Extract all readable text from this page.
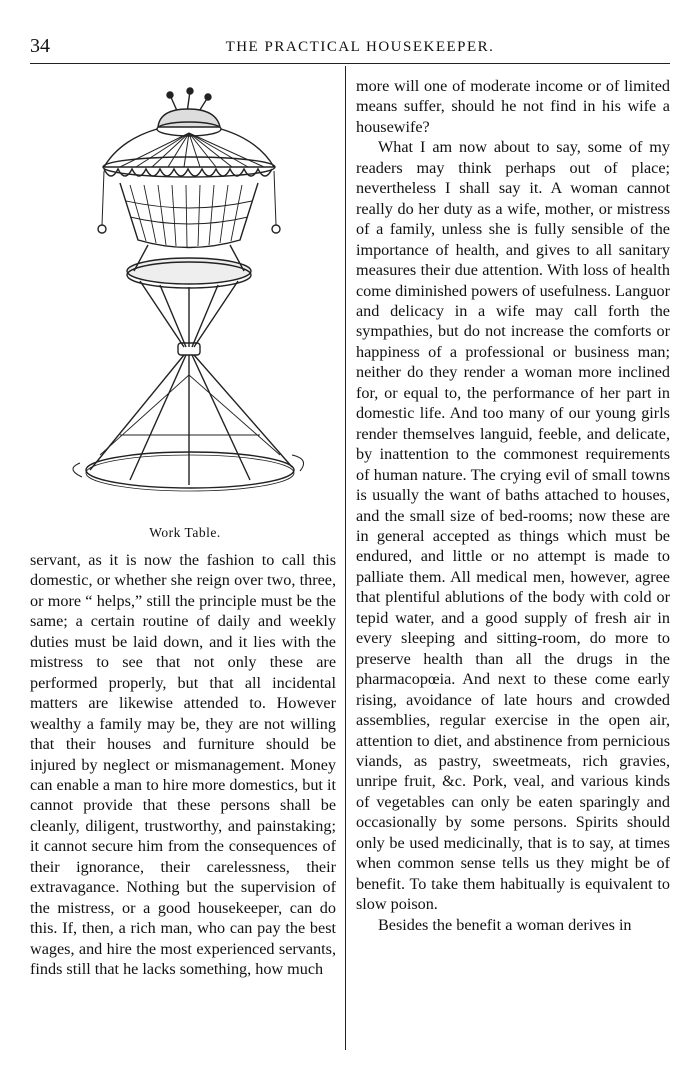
34	THE PRACTICAL HOUSEKEEPER.
Work Table.

servant, as it is now the fashion to call this domestic, or whether she reign over two, three, or more “ helps,” still the principle must be the same; a certain routine of daily and weekly duties must be laid down, and it lies with the mistress to see that not only these are performed properly, but that all incidental matters are likewise attended to. However wealthy a family may be, they are not willing that their houses and furniture should be injured by neglect or mismanagement. Money can enable a man to hire more domestics, but it cannot provide that these persons shall be cleanly, diligent, trustworthy, and painstaking; it cannot secure him from the consequences of their ignorance, their carelessness, their extravagance. Nothing but the supervision of the mistress, or a good housekeeper, can do this. If, then, a rich man, who can pay the best wages, and hire the most experienced servants, finds still that he lacks something, how much

more will one of moderate income or of limited means suffer, should he not find in his wife a housewife?

What I am now about to say, some of my readers may think perhaps out of place; nevertheless I shall say it. A woman cannot really do her duty as a wife, mother, or mistress of a family, unless she is fully sensible of the importance of health, and gives to all sanitary measures their due attention. With loss of health come diminished powers of usefulness. Languor and delicacy in a wife may call forth the sympathies, but do not increase the comforts or happiness of a professional or business man; neither do they render a woman more inclined for, or equal to, the performance of her part in domestic life. And too many of our young girls render themselves languid, feeble, and delicate, by inattention to the commonest requirements of human nature. The crying evil of small towns is usually the want of baths attached to houses, and the small size of bed-rooms; now these are in general accepted as things which must be endured, and little or no attempt is made to palliate them. All medical men, however, agree that plentiful ablutions of the body with cold or tepid water, and a good supply of fresh air in every sleeping and sitting-room, do more to preserve health than all the drugs in the pharmacopœia. And next to these come early rising, avoidance of late hours and crowded assemblies, regular exercise in the open air, attention to diet, and abstinence from pernicious viands, as pastry, sweetmeats, rich gravies, unripe fruit, &c. Pork, veal, and various kinds of vegetables can only be eaten sparingly and occasionally by some persons. Spirits should only be used medicinally, that is to say, at times when common sense tells us they might be of benefit. To take them habitually is equivalent to slow poison.

Besides the benefit a woman derives in
